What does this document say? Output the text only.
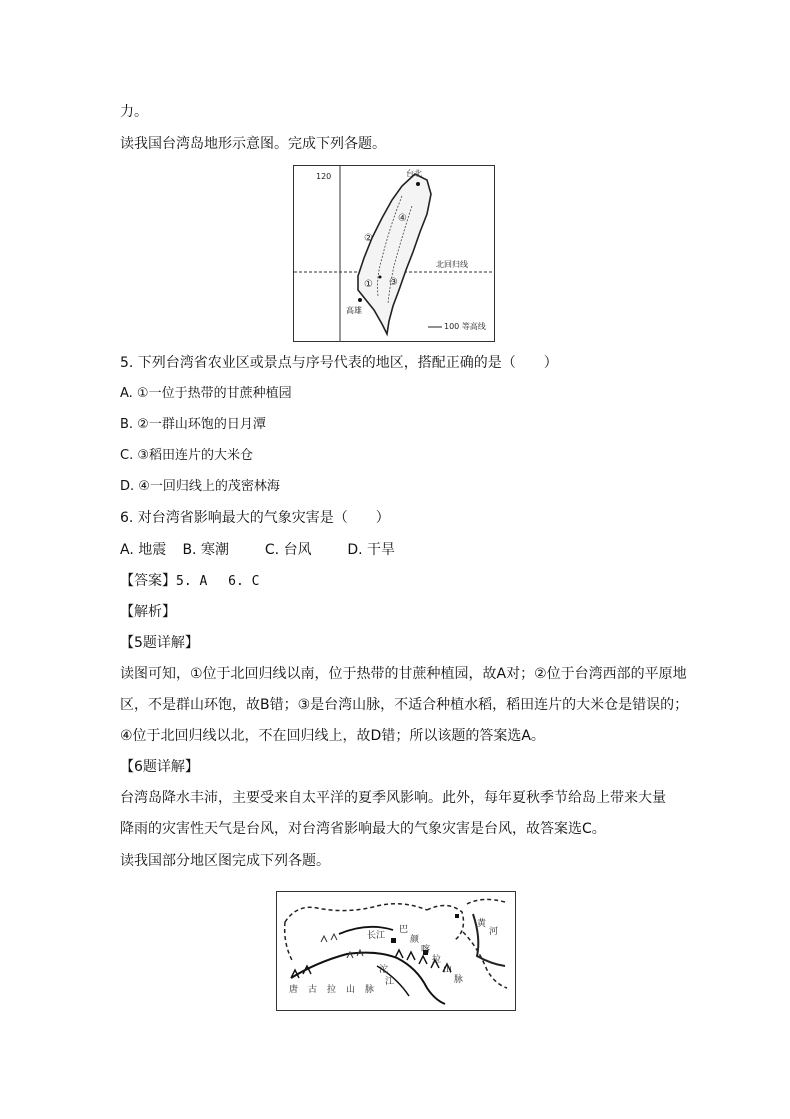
力。
读我国台湾岛地形示意图。完成下列各题。
120	台北
高雄
北回归线
100 等高线
④
②
③
①
5. 下列台湾省农业区或景点与序号代表的地区，搭配正确的是（　　）
A. ①一位于热带的甘蔗种植园
B. ②一群山环饱的日月潭
C. ③稻田连片的大米仓
D. ④一回归线上的茂密林海
6. 对台湾省影响最大的气象灾害是（　　）
A. 地震 B. 寒潮	C. 台风	D. 干旱
【答案】5. A　 6. C
【解析】
【5题详解】
读图可知，①位于北回归线以南，位于热带的甘蔗种植园，故A对；②位于台湾西部的平原地
区，不是群山环饱，故B错；③是台湾山脉，不适合种植水稻，稻田连片的大米仓是错误的；
④位于北回归线以北，不在回归线上，故D错；所以该题的答案选A。
【6题详解】
台湾岛降水丰沛，主要受来自太平洋的夏季风影响。此外，每年夏秋季节给岛上带来大量
降雨的灾害性天气是台风，对台湾省影响最大的气象灾害是台风，故答案选C。
读我国部分地区图完成下列各题。
长江
巴
颜
喀
拉
山
脉
黄
河
唐古拉山脉
沱
江
